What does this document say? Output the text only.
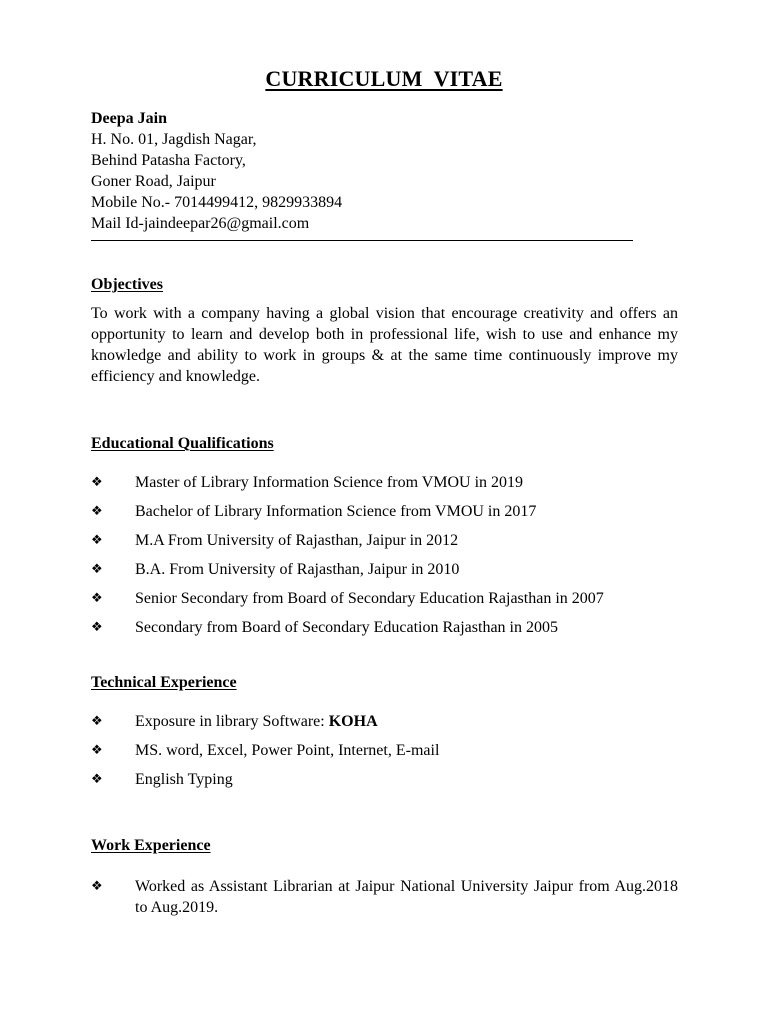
CURRICULUM  VITAE
Deepa Jain
H. No. 01, Jagdish Nagar,
Behind Patasha Factory,
Goner Road, Jaipur
Mobile No.- 7014499412, 9829933894
Mail Id-jaindeepar26@gmail.com
Objectives
To work with a company having a global vision that encourage creativity and offers an opportunity to learn and develop both in professional life, wish to use and enhance my knowledge and ability to work in groups & at the same time continuously improve my efficiency and knowledge.
Educational Qualifications
❖ Master of Library Information Science from VMOU in 2019
❖ Bachelor of Library Information Science from VMOU in 2017
❖ M.A From University of Rajasthan, Jaipur in 2012
❖ B.A. From University of Rajasthan, Jaipur in 2010
❖ Senior Secondary from Board of Secondary Education Rajasthan in 2007
❖ Secondary from Board of Secondary Education Rajasthan in 2005
Technical Experience
❖ Exposure in library Software: KOHA
❖ MS. word, Excel, Power Point, Internet, E-mail
❖ English Typing
Work Experience
❖ Worked as Assistant Librarian at Jaipur National University Jaipur from Aug.2018 to Aug.2019.
